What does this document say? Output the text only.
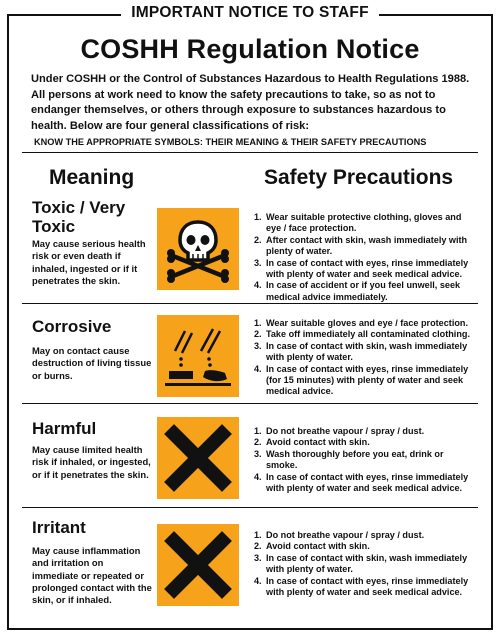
IMPORTANT NOTICE TO STAFF
COSHH Regulation Notice
Under COSHH or the Control of Substances Hazardous to Health Regulations 1988. All persons at work need to know the safety precautions to take, so as not to endanger themselves, or others through exposure to substances hazardous to health. Below are four general classifications of risk:
KNOW THE APPROPRIATE SYMBOLS: THEIR MEANING & THEIR SAFETY PRECAUTIONS
Meaning	Safety Precautions
Toxic / Very Toxic
May cause serious health risk or even death if inhaled, ingested or if it penetrates the skin.
1. Wear suitable protective clothing, gloves and eye / face protection.
2. After contact with skin, wash immediately with plenty of water.
3. In case of contact with eyes, rinse immediately with plenty of water and seek medical advice.
4. In case of accident or if you feel unwell, seek medical advice immediately.
Corrosive
May on contact cause destruction of living tissue or burns.
1. Wear suitable gloves and eye / face protection.
2. Take off immediately all contaminated clothing.
3. In case of contact with skin, wash immediately with plenty of water.
4. In case of contact with eyes, rinse immediately (for 15 minutes) with plenty of water and seek medical advice.
Harmful
May cause limited health risk if inhaled, or ingested, or if it penetrates the skin.
1. Do not breathe vapour / spray / dust.
2. Avoid contact with skin.
3. Wash thoroughly before you eat, drink or smoke.
4. In case of contact with eyes, rinse immediately with plenty of water and seek medical advice.
Irritant
May cause inflammation and irritation on immediate or repeated or prolonged contact with the skin, or if inhaled.
1. Do not breathe vapour / spray / dust.
2. Avoid contact with skin.
3. In case of contact with skin, wash immediately with plenty of water.
4. In case of contact with eyes, rinse immediately with plenty of water and seek medical advice.
